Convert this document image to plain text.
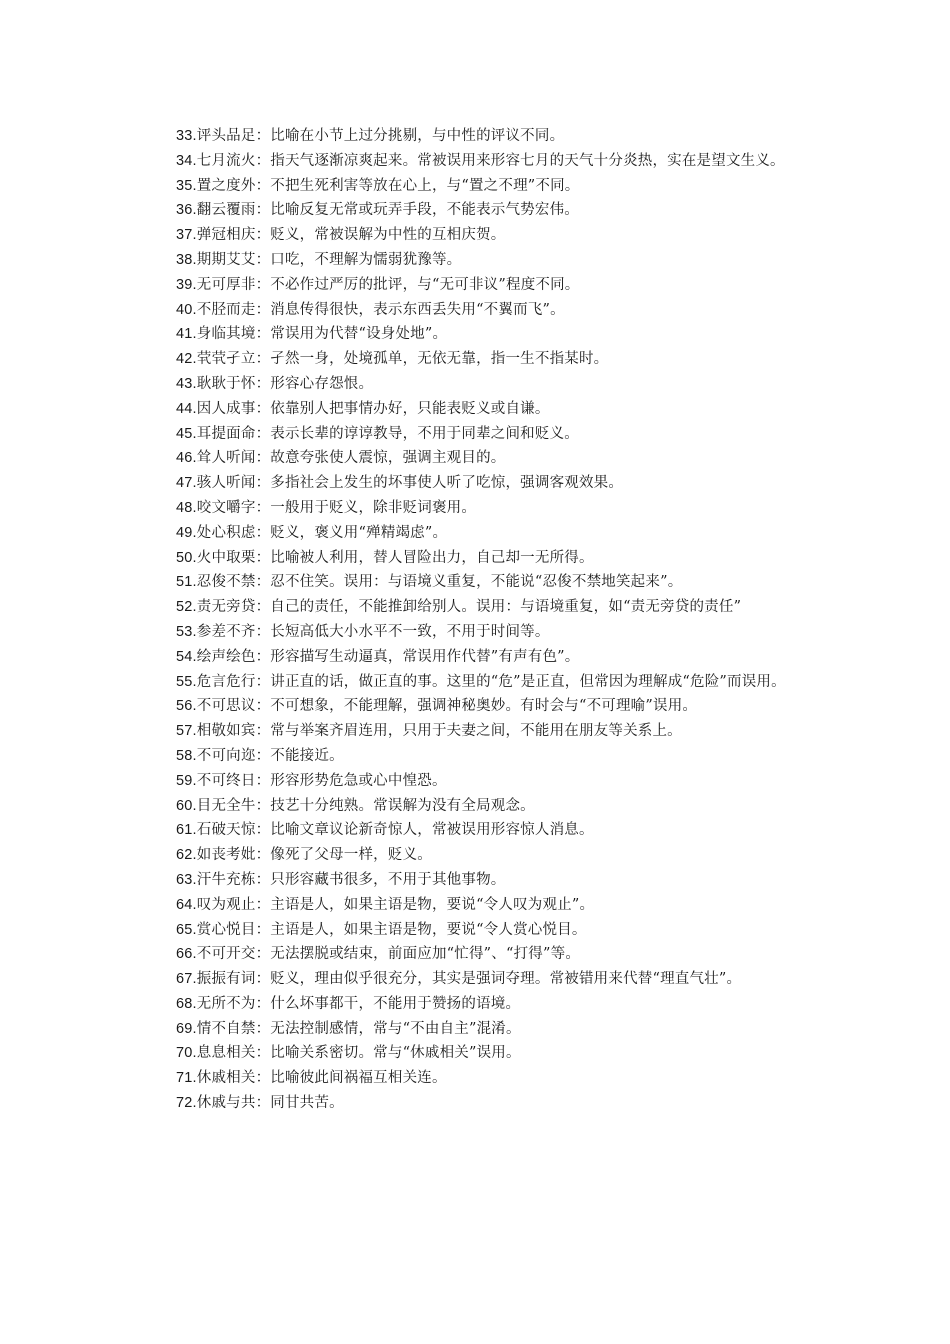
33.评头品足：比喻在小节上过分挑剔，与中性的评议不同。

34.七月流火：指天气逐渐凉爽起来。常被误用来形容七月的天气十分炎热，实在是望文生义。

35.置之度外：不把生死利害等放在心上，与“置之不理”不同。

36.翻云覆雨：比喻反复无常或玩弄手段，不能表示气势宏伟。

37.弹冠相庆：贬义，常被误解为中性的互相庆贺。

38.期期艾艾：口吃，不理解为懦弱犹豫等。

39.无可厚非：不必作过严厉的批评，与“无可非议”程度不同。

40.不胫而走：消息传得很快，表示东西丢失用“不翼而飞”。

41.身临其境：常误用为代替“设身处地”。

42.茕茕孑立：孑然一身，处境孤单，无依无靠，指一生不指某时。

43.耿耿于怀：形容心存怨恨。

44.因人成事：依靠别人把事情办好，只能表贬义或自谦。

45.耳提面命：表示长辈的谆谆教导，不用于同辈之间和贬义。

46.耸人听闻：故意夸张使人震惊，强调主观目的。

47.骇人听闻：多指社会上发生的坏事使人听了吃惊，强调客观效果。

48.咬文嚼字：一般用于贬义，除非贬词褒用。

49.处心积虑：贬义，褒义用“殚精竭虑”。

50.火中取栗：比喻被人利用，替人冒险出力，自己却一无所得。

51.忍俊不禁：忍不住笑。误用：与语境义重复，不能说“忍俊不禁地笑起来”。

52.责无旁贷：自己的责任，不能推卸给别人。误用：与语境重复，如“责无旁贷的责任”

53.参差不齐：长短高低大小水平不一致，不用于时间等。

54.绘声绘色：形容描写生动逼真，常误用作代替”有声有色”。

55.危言危行：讲正直的话，做正直的事。这里的“危”是正直，但常因为理解成“危险”而误用。

56.不可思议：不可想象，不能理解，强调神秘奥妙。有时会与“不可理喻”误用。

57.相敬如宾：常与举案齐眉连用，只用于夫妻之间，不能用在朋友等关系上。

58.不可向迩：不能接近。

59.不可终日：形容形势危急或心中惶恐。

60.目无全牛：技艺十分纯熟。常误解为没有全局观念。

61.石破天惊：比喻文章议论新奇惊人，常被误用形容惊人消息。

62.如丧考妣：像死了父母一样，贬义。

63.汗牛充栋：只形容藏书很多，不用于其他事物。

64.叹为观止：主语是人，如果主语是物，要说“令人叹为观止”。

65.赏心悦目：主语是人，如果主语是物，要说“令人赏心悦目。

66.不可开交：无法摆脱或结束，前面应加“忙得”、“打得”等。

67.振振有词：贬义，理由似乎很充分，其实是强词夺理。常被错用来代替“理直气壮”。

68.无所不为：什么坏事都干，不能用于赞扬的语境。

69.情不自禁：无法控制感情，常与“不由自主”混淆。

70.息息相关：比喻关系密切。常与“休戚相关”误用。

71.休戚相关：比喻彼此间祸福互相关连。

72.休戚与共：同甘共苦。
